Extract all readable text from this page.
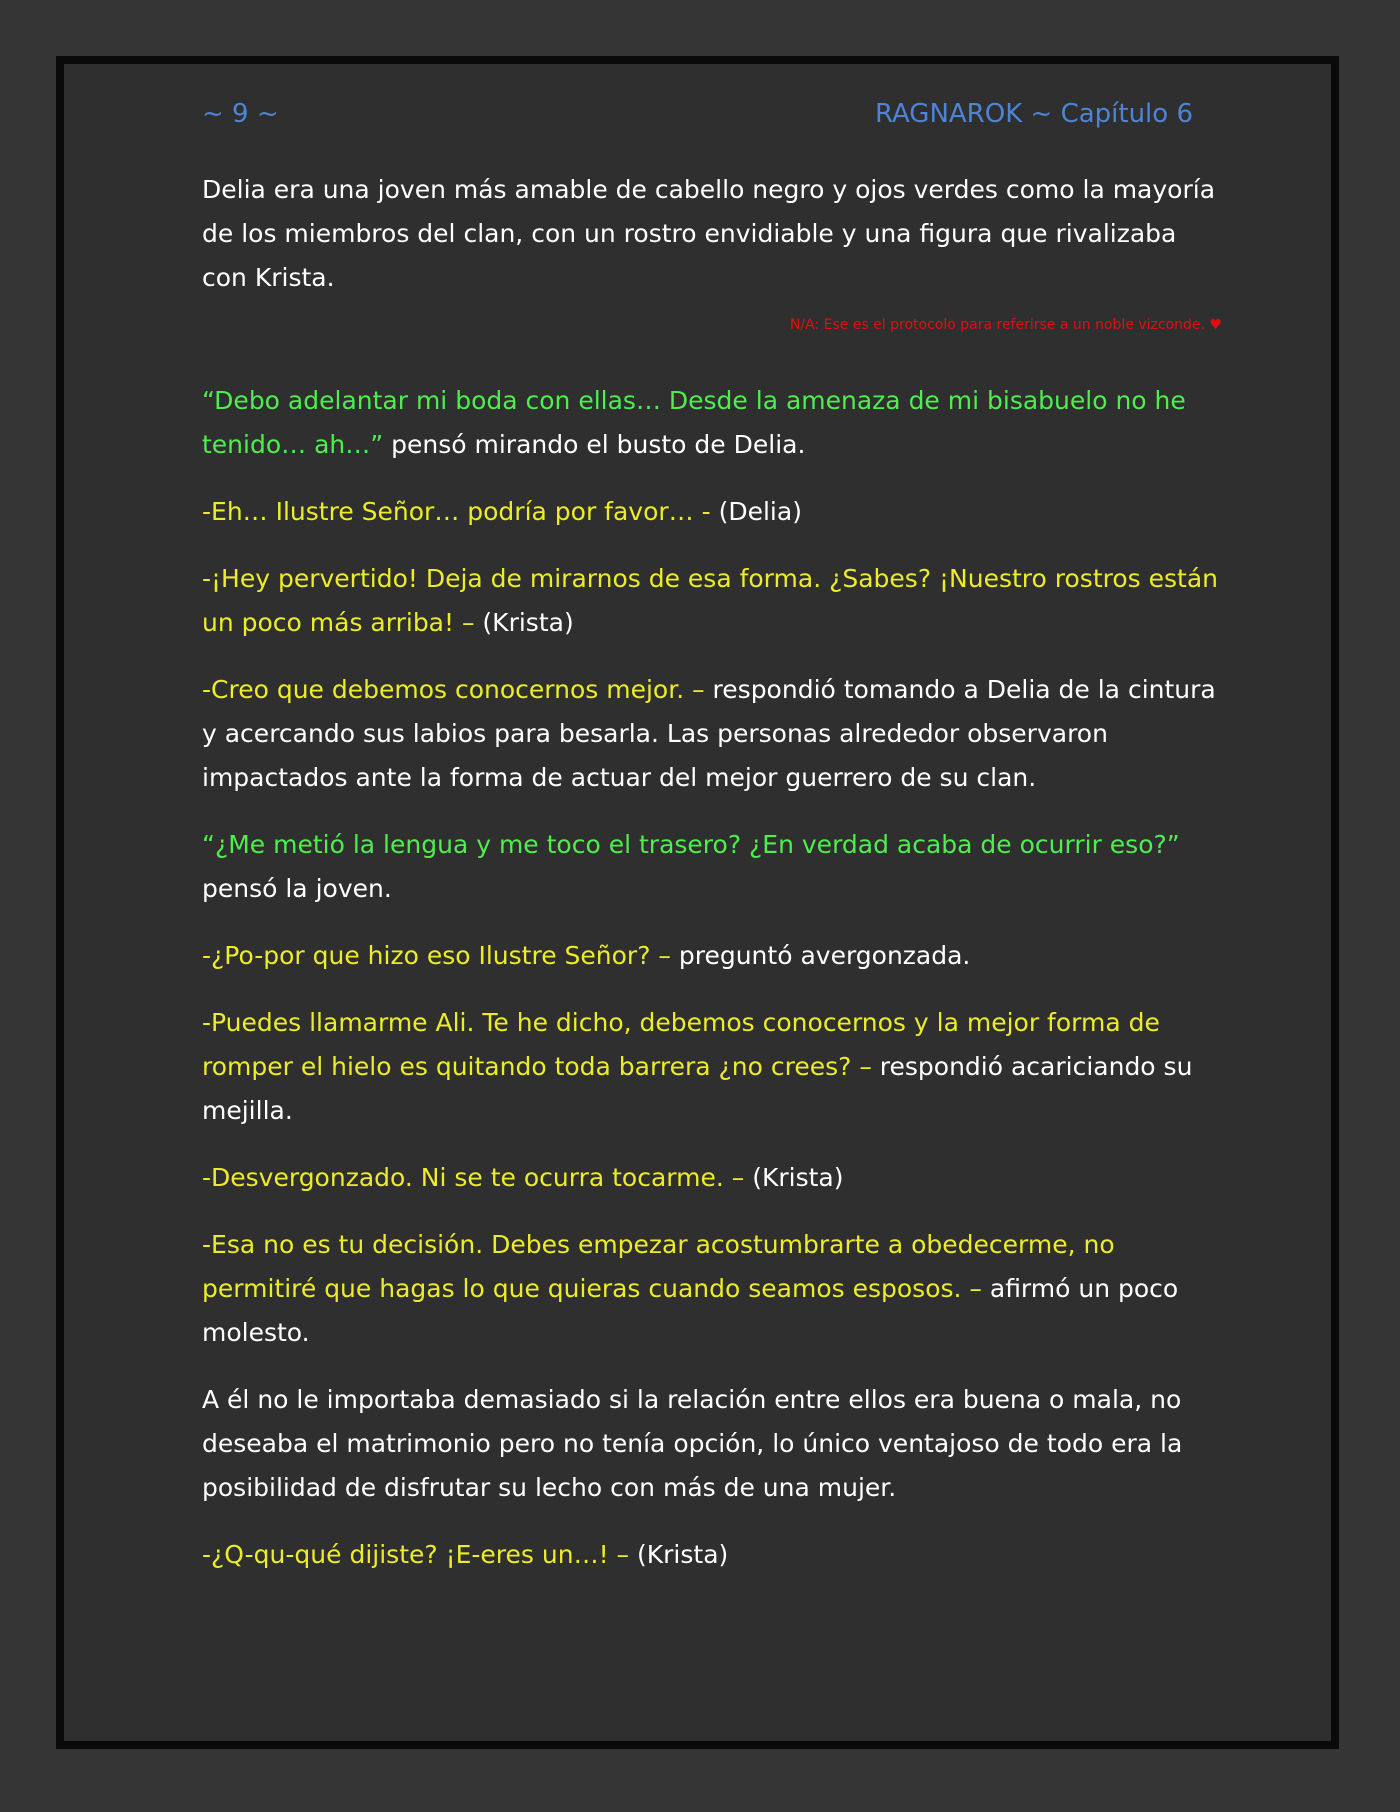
~ 9 ~	RAGNAROK ~ Capítulo 6

Delia era una joven más amable de cabello negro y ojos verdes como la mayoría de los miembros del clan, con un rostro envidiable y una figura que rivalizaba con Krista.

N/A: Ese es el protocolo para referirse a un noble vizconde. ♥

“Debo adelantar mi boda con ellas… Desde la amenaza de mi bisabuelo no he tenido… ah…” pensó mirando el busto de Delia.

-Eh… Ilustre Señor… podría por favor… - (Delia)

-¡Hey pervertido! Deja de mirarnos de esa forma. ¿Sabes? ¡Nuestro rostros están un poco más arriba! – (Krista)

-Creo que debemos conocernos mejor. – respondió tomando a Delia de la cintura y acercando sus labios para besarla. Las personas alrededor observaron impactados ante la forma de actuar del mejor guerrero de su clan.

“¿Me metió la lengua y me toco el trasero? ¿En verdad acaba de ocurrir eso?” pensó la joven.

-¿Po-por que hizo eso Ilustre Señor? – preguntó avergonzada.

-Puedes llamarme Ali. Te he dicho, debemos conocernos y la mejor forma de romper el hielo es quitando toda barrera ¿no crees? – respondió acariciando su mejilla.

-Desvergonzado. Ni se te ocurra tocarme. – (Krista)

-Esa no es tu decisión. Debes empezar acostumbrarte a obedecerme, no permitiré que hagas lo que quieras cuando seamos esposos. – afirmó un poco molesto.

A él no le importaba demasiado si la relación entre ellos era buena o mala, no deseaba el matrimonio pero no tenía opción, lo único ventajoso de todo era la posibilidad de disfrutar su lecho con más de una mujer.

-¿Q-qu-qué dijiste? ¡E-eres un…! – (Krista)
